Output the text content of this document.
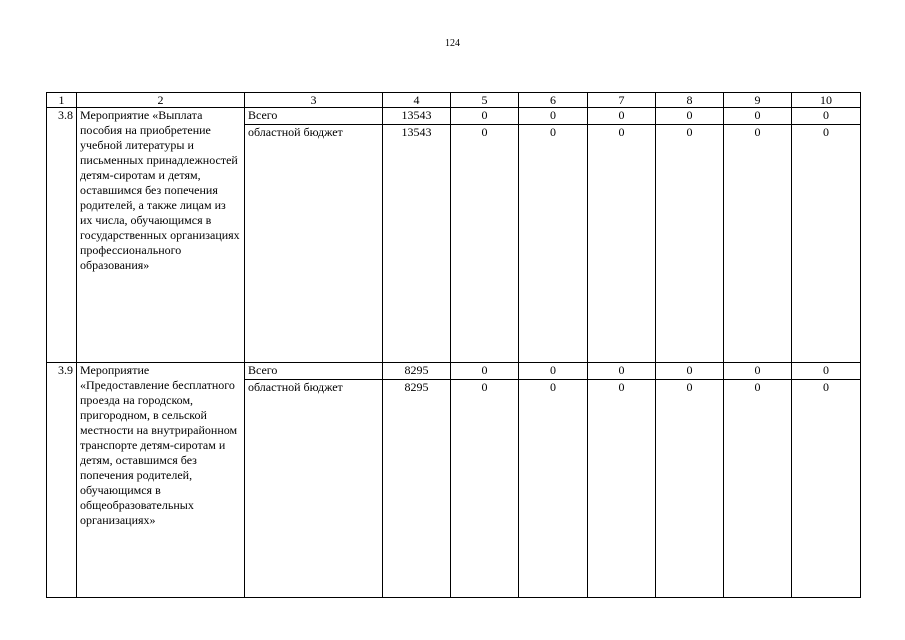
124
1	2	3	4	5	6	7	8	9	10
3.8	Мероприятие «Выплата пособия на приобретение учебной литературы и письменных принадлежностей детям-сиротам и детям, оставшимся без попечения родителей, а также лицам из их числа, обучающимся в государственных организациях профессионального образования»	Всего	13543	0	0	0	0	0	0
		областной бюджет	13543	0	0	0	0	0	0
3.9	Мероприятие «Предоставление бесплатного проезда на городском, пригородном, в сельской местности на внутрирайонном транспорте детям-сиротам и детям, оставшимся без попечения родителей, обучающимся в общеобразовательных организациях»	Всего	8295	0	0	0	0	0	0
		областной бюджет	8295	0	0	0	0	0	0
